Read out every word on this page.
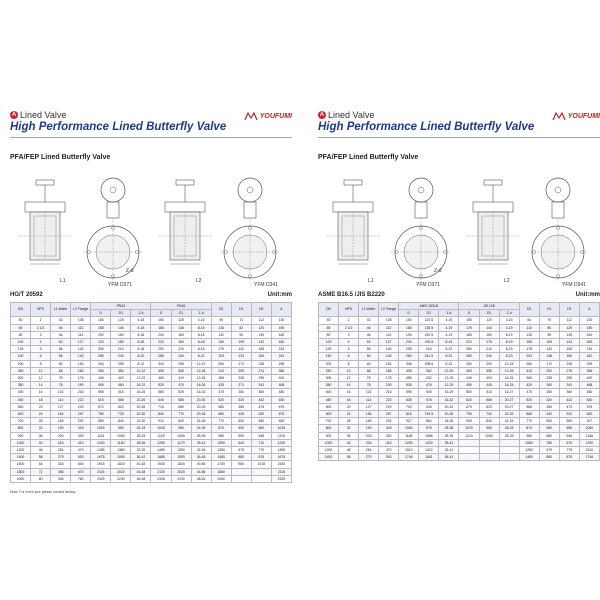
A Lined Valve	YOUFUMI
High Performance Lined Butterfly Valve
PFA/FEP Lined Butterfly Valve
L1	L2
Z-d
YFM D371	YFM D341
HG/T 20592	Unit:mm
DN	NPS	L1 Wafer	L2 Flange	PN10			PN16			D2	H1	H2	A
				D	D1	Z-d	D	D1	Z-d				
50	2	43	108	165	125	4-18	165	125	4-18	99	73	112	130
65	2 1/2	46	112	185	145	8-18	185	145	8-18	118	82	120	150
80	3	46	114	200	160	8-18	200	160	8-18	132	90	130	160
100	4	52	127	220	180	8-18	220	180	8-18	150	109	142	180
125	5	56	140	250	210	8-18	250	210	8-18	175	120	165	215
150	6	56	140	285	240	8-22	285	240	8-22	203	133	180	242
200	8	60	152	340	295	8-22	340	295	12-22	260	172	228	295
250	10	68	165	395	350	12-22	405	355	12-26	310	209	274	356
300	12	78	178	445	400	12-22	460	410	12-26	365	238	295	400
350	14	78	190	505	460	16-22	520	470	16-26	425	271	341	468
400	16	102	216	565	515	16-26	580	525	16-30	475	280	360	480
450	18	114	222	615	565	20-26	640	585	20-30	520	320	442	630
500	20	127	229	670	620	20-26	715	650	20-33	580	355	475	675
600	24	154	267	780	725	20-30	840	770	20-36	680	425	520	675
700	28	165	292	895	840	24-30	910	840	24-36	770	500	560	830
800	32	190	318	1015	950	24-33	1025	950	24-39	870	530	560	1015
900	36	203	330	1115	1050	28-33	1125	1050	28-39	980	590	645	1115
1000	40	216	410	1230	1160	28-36	1255	1170	28-42	1080	640	710	1230
1200	48	254	470	1455	1380	32-39	1485	1390	32-48	1280	675	775	1455
1400	56	279	530	1675	1590	36-42	1685	1590	36-48	1480	680	875	1675
1600	64	318	600	1915	1820	40-48	1930	1820	40-56	1700	980	1015	1930
1800	72	356	670	2115	2020	44-48	2130	2020	44-56	1880			2115
2000	80	406	760	2325	2230	48-48	2345	2230	48-62	2080			2325
Note: For more size please consult factory
A Lined Valve	YOUFUMI
High Performance Lined Butterfly Valve
PFA/FEP Lined Butterfly Valve
L1	L2
Z-d
YFM D371	YFM D341
ASME B16.5 /JIS B2220	Unit:mm
DN	NPS	L1 Wafer	L2 Flange	ANSI 150LB			JIS 10K			D2	H1	H2	A
				D	D1	Z-d	D	D1	Z-d				
50	2	43	108	150	120.5	4-19	155	120	4-19	84	75	112	130
65	2 1/2	46	112	180	139.5	4-19	175	140	4-19	110	80	129	150
80	3	46	114	190	152.5	4-19	185	150	8-19	126	95	135	160
100	4	52	127	230	190.5	8-19	210	175	8-19	155	105	142	180
125	5	56	140	255	216	8-22	250	210	8-23	178	120	165	215
150	6	56	140	280	241.5	8-22	280	240	8-23	203	138	180	242
200	8	60	152	345	298.5	8-22	330	290	12-23	260	172	228	295
250	10	68	165	405	362	12-25	400	355	12-25	310	200	276	356
300	12	78	178	485	432	12-25	445	400	16-25	365	235	295	400
350	14	78	190	535	476	12-29	490	445	16-25	425	260	341	468
400	16	102	216	595	540	16-29	560	510	16-27	475	280	360	480
450	18	114	222	635	578	16-32	620	565	20-27	520	320	442	530
500	20	127	229	700	635	20-32	675	620	20-27	568	355	473	575
600	24	154	267	815	749.5	20-35	795	730	24-33	665	420	520	620
700	28	165	292	927	864	24-35	905	840	24-33	770	500	590	927
800	32	190	318	1060	978	28-38	1020	950	28-33	870	550	655	1060
900	36	203	330	1168	1086	28-35	1120	1050	28-33	980	580	645	1168
1000	40	216	410	1290	1200	28-41				1080	780	670	1290
1200	48	254	470	1510	1422	32-41				1280	675	775	1510
1400	56	279	530	1746	1651	36-41				1480	880	875	1746
